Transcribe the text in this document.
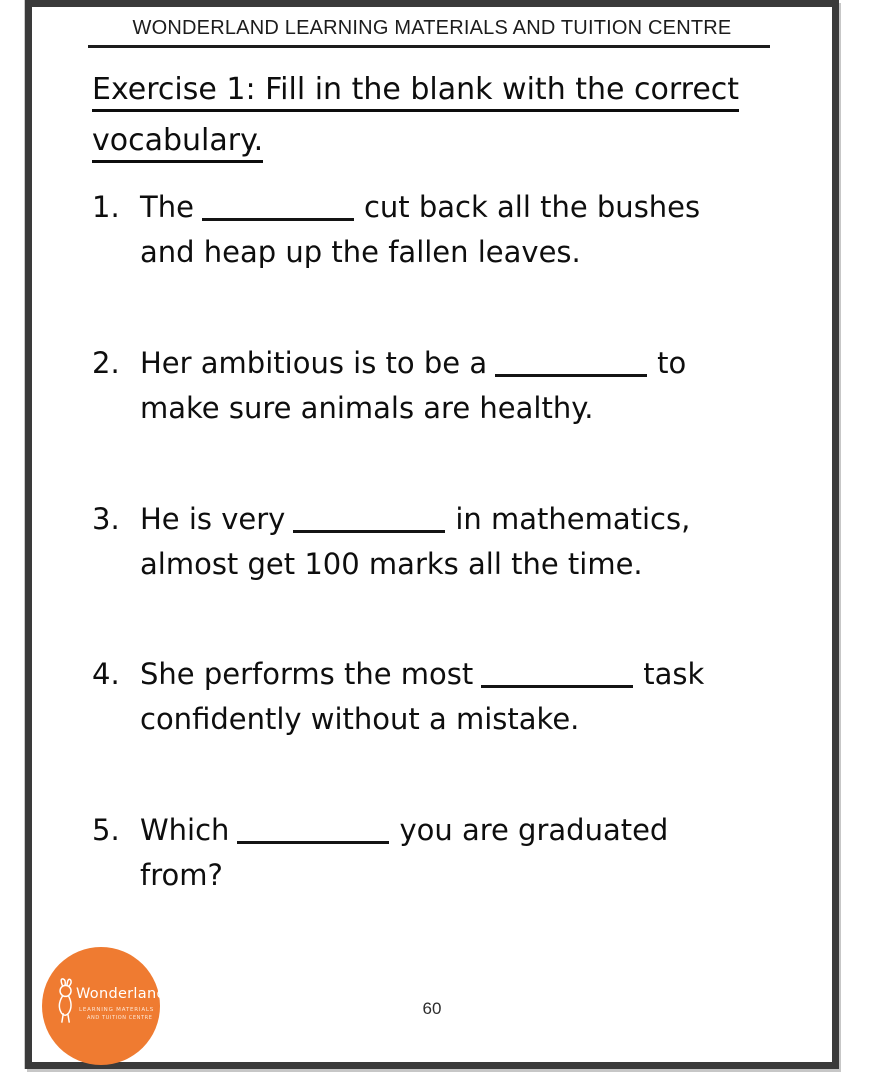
WONDERLAND LEARNING MATERIALS AND TUITION CENTRE
Exercise 1: Fill in the blank with the correct
vocabulary.
1. The	cut back all the bushes
and heap up the fallen leaves.
2. Her ambitious is to be a	to
make sure animals are healthy.
3. He is very	in mathematics,
almost get 100 marks all the time.
4. She performs the most	task
confidently without a mistake.
5. Which	you are graduated
from?
Wonderland
LEARNING MATERIALS
AND TUITION CENTRE	60
